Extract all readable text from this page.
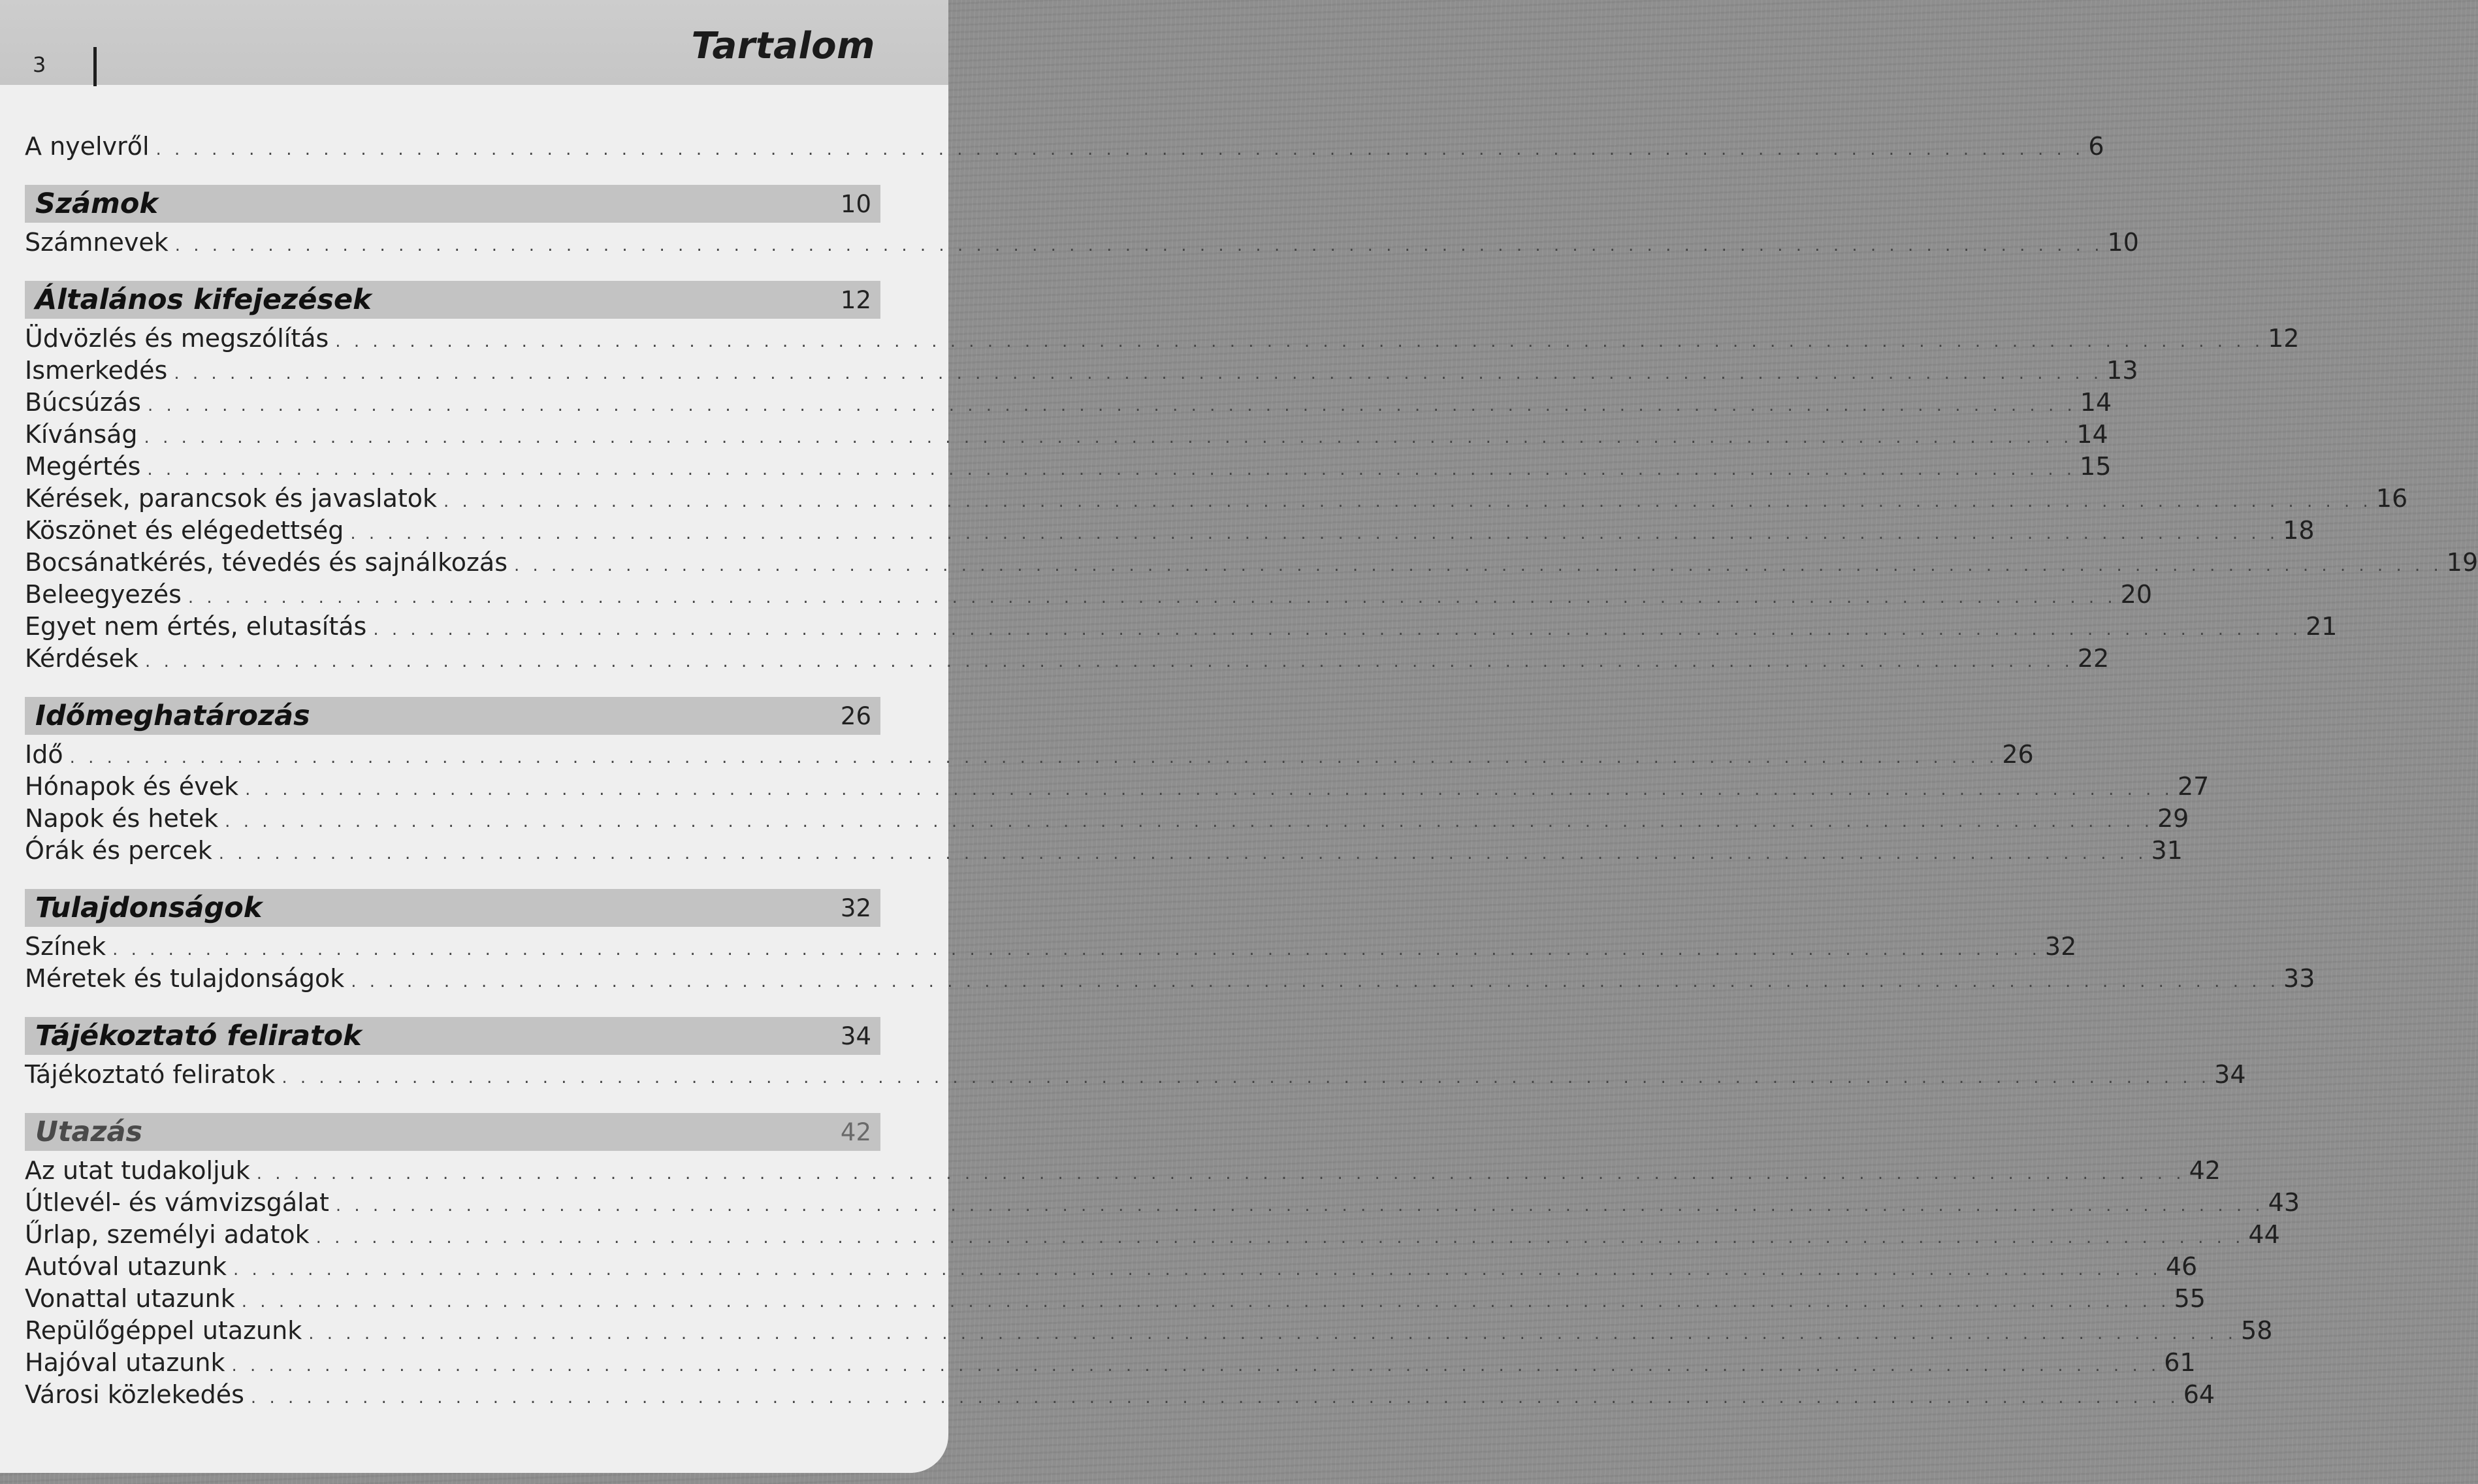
3	Tartalom
A nyelvről . . . . . . . . . . . . . . . . . . . . . . . . . . . . . . . . . . . . . . . . . . . . . . . . . . . . . . . . . . . . . . . . . . . . . . . . . . . . . . . . . . . . . . . . . . . . . . . . . . . . . . . . 6
Számok	10
Számnevek . . . . . . . . . . . . . . . . . . . . . . . . . . . . . . . . . . . . . . . . . . . . . . . . . . . . . . . . . . . . . . . . . . . . . . . . . . . . . . . . . . . . . . . . . . . . . . . . . . . . . . . . 10
Általános kifejezések	12
Üdvözlés és megszólítás . . . . . . . . . . . . . . . . . . . . . . . . . . . . . . . . . . . . . . . . . . . . . . . . . . . . . . . . . . . . . . . . . . . . . . . . . . . . . . . . . . . . . . . . . . . . . . . . . . . . . . . . 12
Ismerkedés . . . . . . . . . . . . . . . . . . . . . . . . . . . . . . . . . . . . . . . . . . . . . . . . . . . . . . . . . . . . . . . . . . . . . . . . . . . . . . . . . . . . . . . . . . . . . . . . . . . . . . . . 13
Búcsúzás . . . . . . . . . . . . . . . . . . . . . . . . . . . . . . . . . . . . . . . . . . . . . . . . . . . . . . . . . . . . . . . . . . . . . . . . . . . . . . . . . . . . . . . . . . . . . . . . . . . . . . . . 14
Kívánság . . . . . . . . . . . . . . . . . . . . . . . . . . . . . . . . . . . . . . . . . . . . . . . . . . . . . . . . . . . . . . . . . . . . . . . . . . . . . . . . . . . . . . . . . . . . . . . . . . . . . . . . 14
Megértés . . . . . . . . . . . . . . . . . . . . . . . . . . . . . . . . . . . . . . . . . . . . . . . . . . . . . . . . . . . . . . . . . . . . . . . . . . . . . . . . . . . . . . . . . . . . . . . . . . . . . . . . 15
Kérések, parancsok és javaslatok . . . . . . . . . . . . . . . . . . . . . . . . . . . . . . . . . . . . . . . . . . . . . . . . . . . . . . . . . . . . . . . . . . . . . . . . . . . . . . . . . . . . . . . . . . . . . . . . . . . . . . . . 16
Köszönet és elégedettség . . . . . . . . . . . . . . . . . . . . . . . . . . . . . . . . . . . . . . . . . . . . . . . . . . . . . . . . . . . . . . . . . . . . . . . . . . . . . . . . . . . . . . . . . . . . . . . . . . . . . . . . 18
Bocsánatkérés, tévedés és sajnálkozás . . . . . . . . . . . . . . . . . . . . . . . . . . . . . . . . . . . . . . . . . . . . . . . . . . . . . . . . . . . . . . . . . . . . . . . . . . . . . . . . . . . . . . . . . . . . . . . . . . . . . . . . 19
Beleegyezés . . . . . . . . . . . . . . . . . . . . . . . . . . . . . . . . . . . . . . . . . . . . . . . . . . . . . . . . . . . . . . . . . . . . . . . . . . . . . . . . . . . . . . . . . . . . . . . . . . . . . . . . 20
Egyet nem értés, elutasítás . . . . . . . . . . . . . . . . . . . . . . . . . . . . . . . . . . . . . . . . . . . . . . . . . . . . . . . . . . . . . . . . . . . . . . . . . . . . . . . . . . . . . . . . . . . . . . . . . . . . . . . . 21
Kérdések . . . . . . . . . . . . . . . . . . . . . . . . . . . . . . . . . . . . . . . . . . . . . . . . . . . . . . . . . . . . . . . . . . . . . . . . . . . . . . . . . . . . . . . . . . . . . . . . . . . . . . . . 22
Időmeghatározás	26
Idő . . . . . . . . . . . . . . . . . . . . . . . . . . . . . . . . . . . . . . . . . . . . . . . . . . . . . . . . . . . . . . . . . . . . . . . . . . . . . . . . . . . . . . . . . . . . . . . . . . . . . . . . 26
Hónapok és évek . . . . . . . . . . . . . . . . . . . . . . . . . . . . . . . . . . . . . . . . . . . . . . . . . . . . . . . . . . . . . . . . . . . . . . . . . . . . . . . . . . . . . . . . . . . . . . . . . . . . . . . . 27
Napok és hetek . . . . . . . . . . . . . . . . . . . . . . . . . . . . . . . . . . . . . . . . . . . . . . . . . . . . . . . . . . . . . . . . . . . . . . . . . . . . . . . . . . . . . . . . . . . . . . . . . . . . . . . . 29
Órák és percek . . . . . . . . . . . . . . . . . . . . . . . . . . . . . . . . . . . . . . . . . . . . . . . . . . . . . . . . . . . . . . . . . . . . . . . . . . . . . . . . . . . . . . . . . . . . . . . . . . . . . . . . 31
Tulajdonságok	32
Színek . . . . . . . . . . . . . . . . . . . . . . . . . . . . . . . . . . . . . . . . . . . . . . . . . . . . . . . . . . . . . . . . . . . . . . . . . . . . . . . . . . . . . . . . . . . . . . . . . . . . . . . . 32
Méretek és tulajdonságok . . . . . . . . . . . . . . . . . . . . . . . . . . . . . . . . . . . . . . . . . . . . . . . . . . . . . . . . . . . . . . . . . . . . . . . . . . . . . . . . . . . . . . . . . . . . . . . . . . . . . . . . 33
Tájékoztató feliratok	34
Tájékoztató feliratok . . . . . . . . . . . . . . . . . . . . . . . . . . . . . . . . . . . . . . . . . . . . . . . . . . . . . . . . . . . . . . . . . . . . . . . . . . . . . . . . . . . . . . . . . . . . . . . . . . . . . . . . 34
Utazás	42
Az utat tudakoljuk . . . . . . . . . . . . . . . . . . . . . . . . . . . . . . . . . . . . . . . . . . . . . . . . . . . . . . . . . . . . . . . . . . . . . . . . . . . . . . . . . . . . . . . . . . . . . . . . . . . . . . . . 42
Útlevél- és vámvizsgálat . . . . . . . . . . . . . . . . . . . . . . . . . . . . . . . . . . . . . . . . . . . . . . . . . . . . . . . . . . . . . . . . . . . . . . . . . . . . . . . . . . . . . . . . . . . . . . . . . . . . . . . . 43
Űrlap, személyi adatok . . . . . . . . . . . . . . . . . . . . . . . . . . . . . . . . . . . . . . . . . . . . . . . . . . . . . . . . . . . . . . . . . . . . . . . . . . . . . . . . . . . . . . . . . . . . . . . . . . . . . . . . 44
Autóval utazunk . . . . . . . . . . . . . . . . . . . . . . . . . . . . . . . . . . . . . . . . . . . . . . . . . . . . . . . . . . . . . . . . . . . . . . . . . . . . . . . . . . . . . . . . . . . . . . . . . . . . . . . . 46
Vonattal utazunk . . . . . . . . . . . . . . . . . . . . . . . . . . . . . . . . . . . . . . . . . . . . . . . . . . . . . . . . . . . . . . . . . . . . . . . . . . . . . . . . . . . . . . . . . . . . . . . . . . . . . . . . 55
Repülőgéppel utazunk . . . . . . . . . . . . . . . . . . . . . . . . . . . . . . . . . . . . . . . . . . . . . . . . . . . . . . . . . . . . . . . . . . . . . . . . . . . . . . . . . . . . . . . . . . . . . . . . . . . . . . . . 58
Hajóval utazunk . . . . . . . . . . . . . . . . . . . . . . . . . . . . . . . . . . . . . . . . . . . . . . . . . . . . . . . . . . . . . . . . . . . . . . . . . . . . . . . . . . . . . . . . . . . . . . . . . . . . . . . . 61
Városi közlekedés . . . . . . . . . . . . . . . . . . . . . . . . . . . . . . . . . . . . . . . . . . . . . . . . . . . . . . . . . . . . . . . . . . . . . . . . . . . . . . . . . . . . . . . . . . . . . . . . . . . . . . . . 64
